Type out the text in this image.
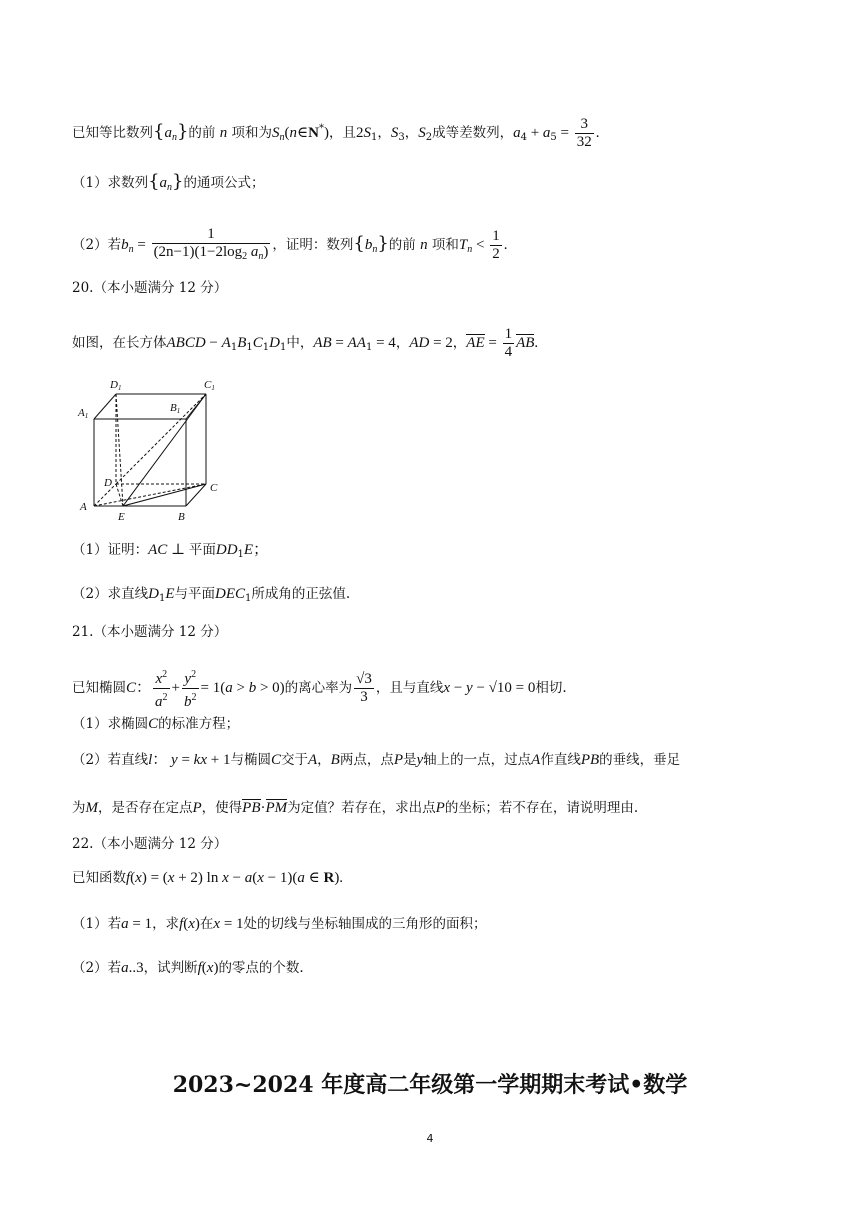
已知等比数列$\{a_n\}$的前 n 项和为$S_n(n\in N^*)$，且$2S_1$，$S_3$，$S_2$成等差数列，$a_4 + a_5 = \frac{3}{32}$ .
（1）求数列$\{a_n\}$的通项公式；
（2）若$b_n = \frac{1}{(2n-1)(1-2\log_2 a_n)}$ ，证明：数列$\{b_n\}$的前 n 项和$T_n < \frac{1}{2}$ .
20.（本小题满分 12 分）
如图，在长方体ABCD − $A_1B_1C_1D_1$中，AB = $AA_1 = 4$，AD = 2，AE = $\frac{1}{4}$ AB.
D1	C1
A1
B1
D	C
A
E	B
（1）证明：AC ⊥ 平面$DD_1E$；
（2）求直线$D_1E$与平面$DEC_1$所成角的正弦值.
21.（本小题满分 12 分）
已知椭圆C： $\frac{x^2}{a^2} + \frac{y^2}{b^2} = 1(a > b > 0)$的离心率为 $\frac{√3}{3}$ ，且与直线x − y − √10 = 0相切.
（1）求椭圆C的标准方程；
（2）若直线l： y = kx + 1与椭圆C交于A，B两点，点P是y轴上的一点，过点A作直线PB的垂线，垂足
为M，是否存在定点P，使得PB·PM为定值？若存在，求出点P的坐标；若不存在，请说明理由.
22.（本小题满分 12 分）
已知函数f(x) = (x + 2) ln x − a(x − 1)(a ∈ R).
（1）若a = 1，求f(x)在x = 1处的切线与坐标轴围成的三角形的面积；
（2）若a..3，试判断f(x)的零点的个数.
2023~2024 年度高二年级第一学期期末考试•数学
4
